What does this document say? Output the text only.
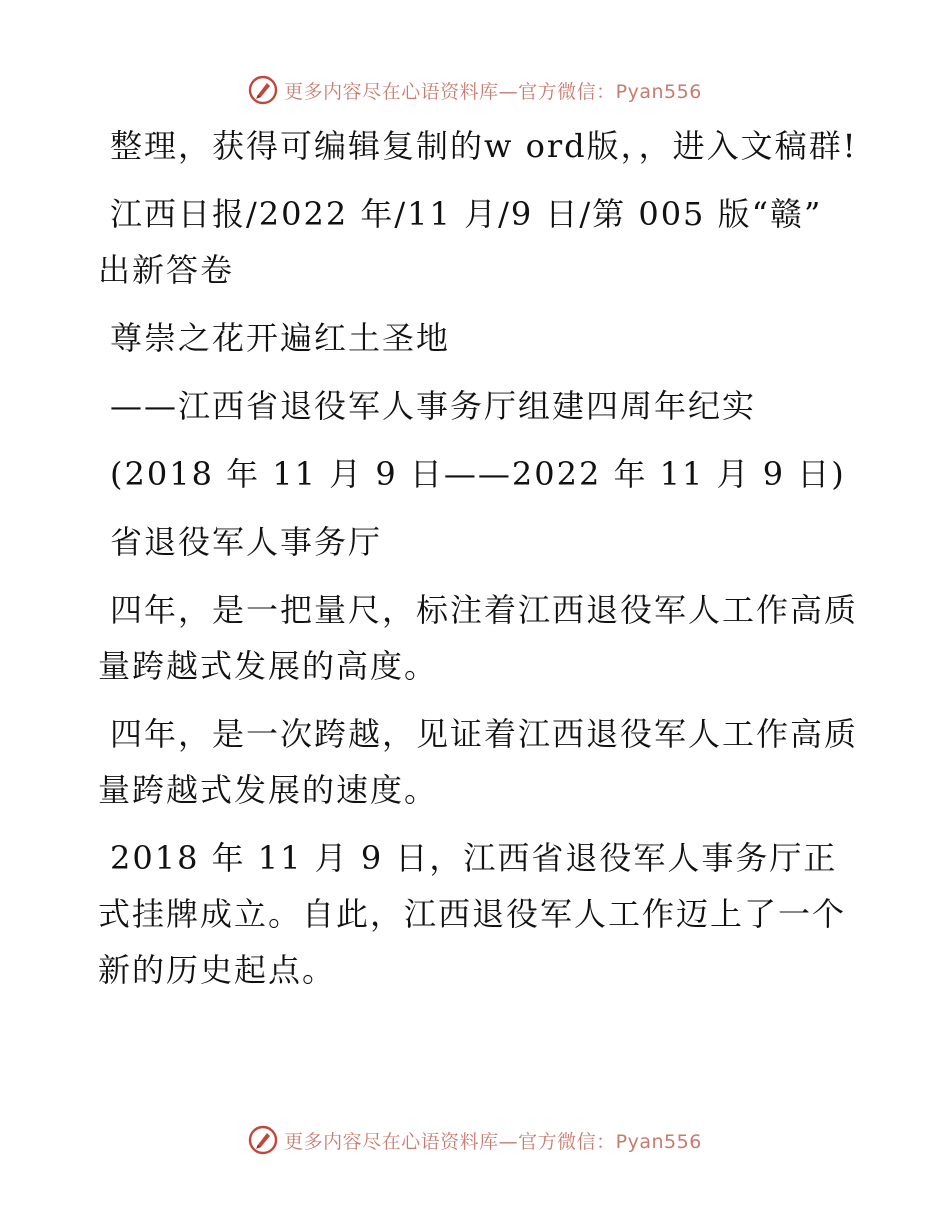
更多内容尽在心语资料库—官方微信：Pyan556

整理，获得可编辑复制的w ord版，，进入文稿群!

江西日报/2022 年/11 月/9 日/第 005 版“赣” 出新答卷

尊崇之花开遍红土圣地

——江西省退役军人事务厅组建四周年纪实

(2018 年 11 月 9 日——2022 年 11 月 9 日)

省退役军人事务厅

四年，是一把量尺，标注着江西退役军人工作高质量跨越式发展的高度。

四年，是一次跨越，见证着江西退役军人工作高质量跨越式发展的速度。

2018 年 11 月 9 日，江西省退役军人事务厅正式挂牌成立。自此，江西退役军人工作迈上了一个新的历史起点。

更多内容尽在心语资料库—官方微信：Pyan556
